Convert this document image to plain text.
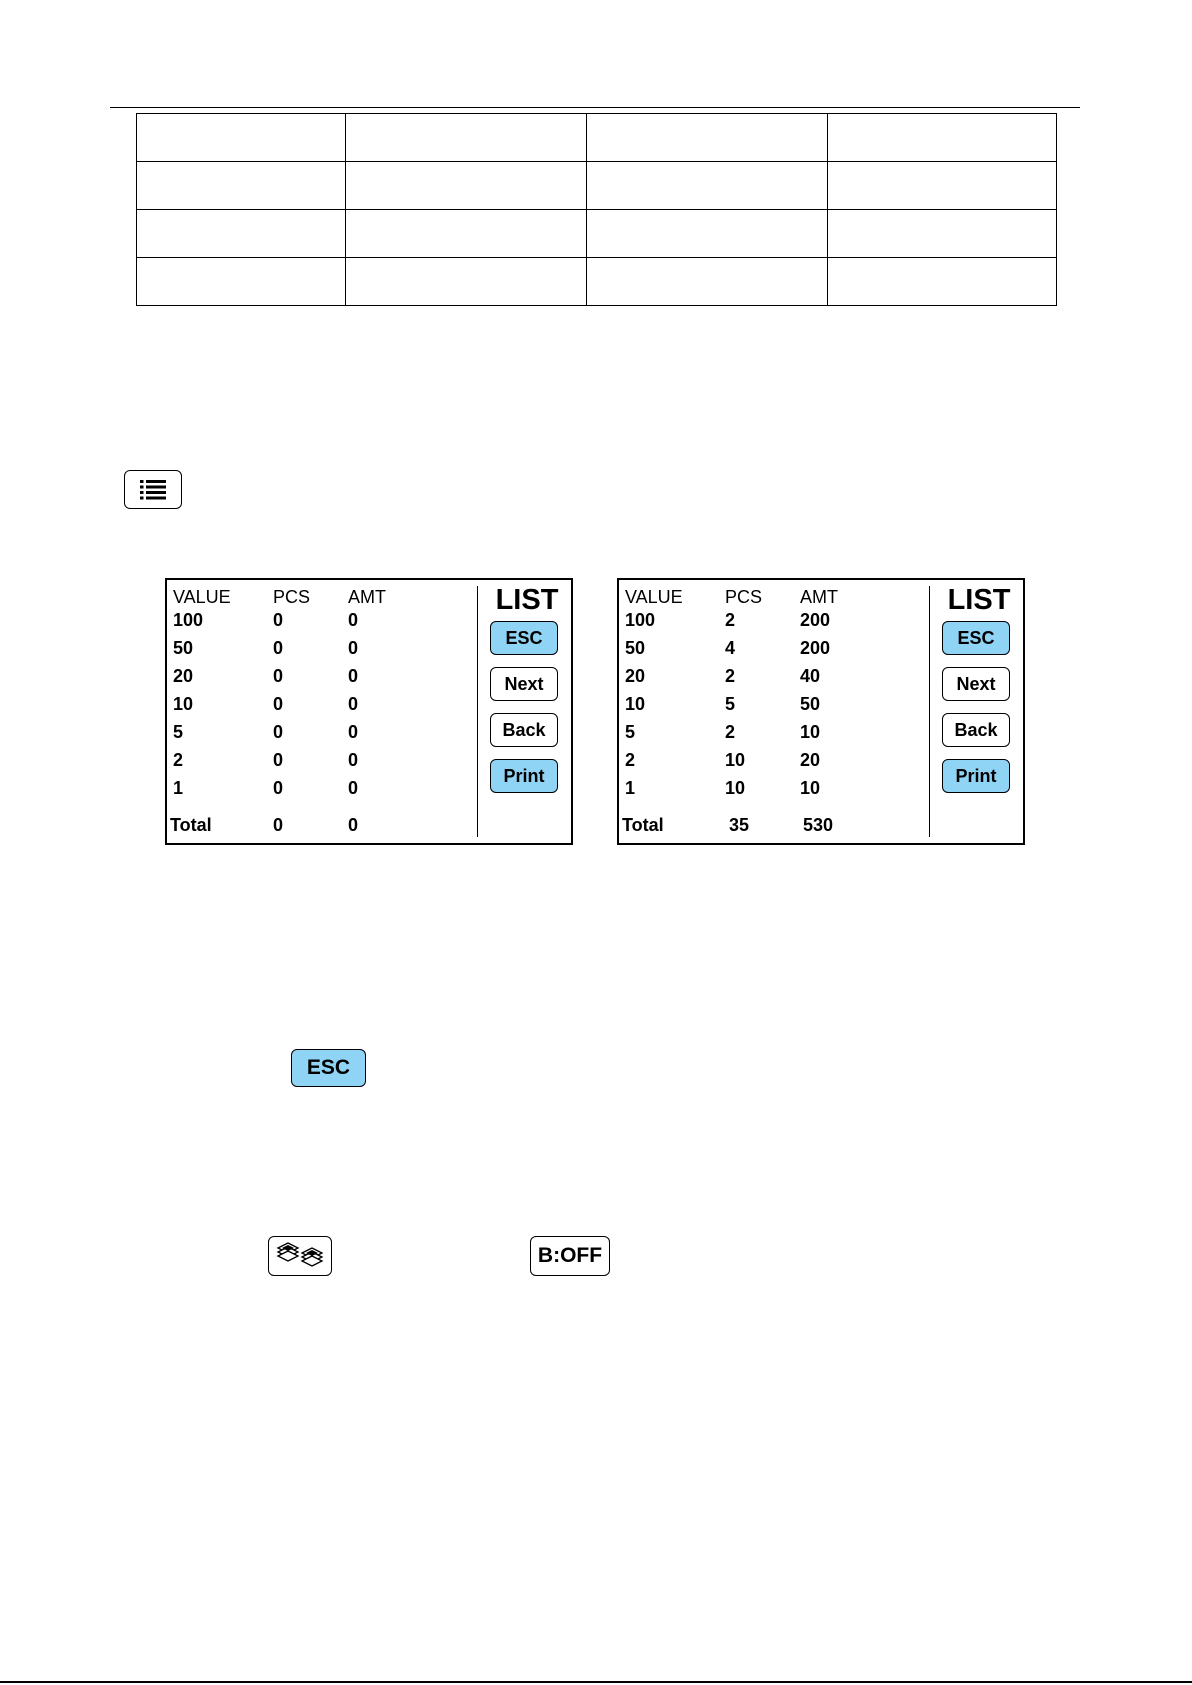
VALUE PCS AMT
100	0	0
50	0	0
20	0	0
10	0	0
5	0	0
2	0	0
1	0	0
Total	0	0
LIST
ESC
Next
Back
Print
VALUE PCS AMT
100	2	200
50	4	200
20	2	40
10	5	50
5	2	10
2	10	20
1	10	10
Total	35	530
LIST
ESC
Next
Back
Print
ESC
B:OFF
